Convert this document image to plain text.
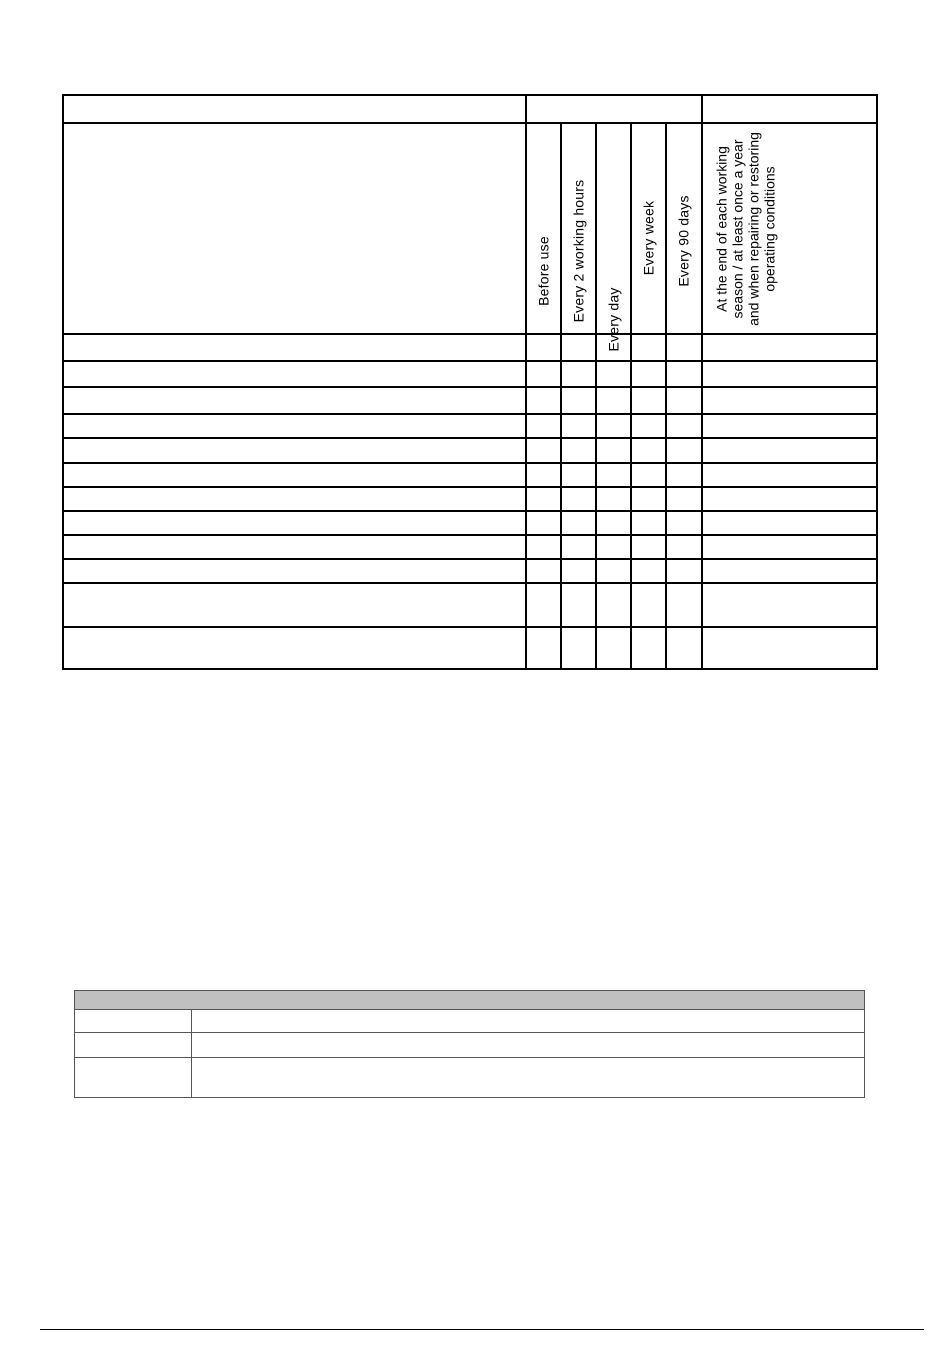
Before use Every 2 working hours Every day
Every week Every 90 days At the end of each working season / at least once a year and when repairing or restoring operating conditions
